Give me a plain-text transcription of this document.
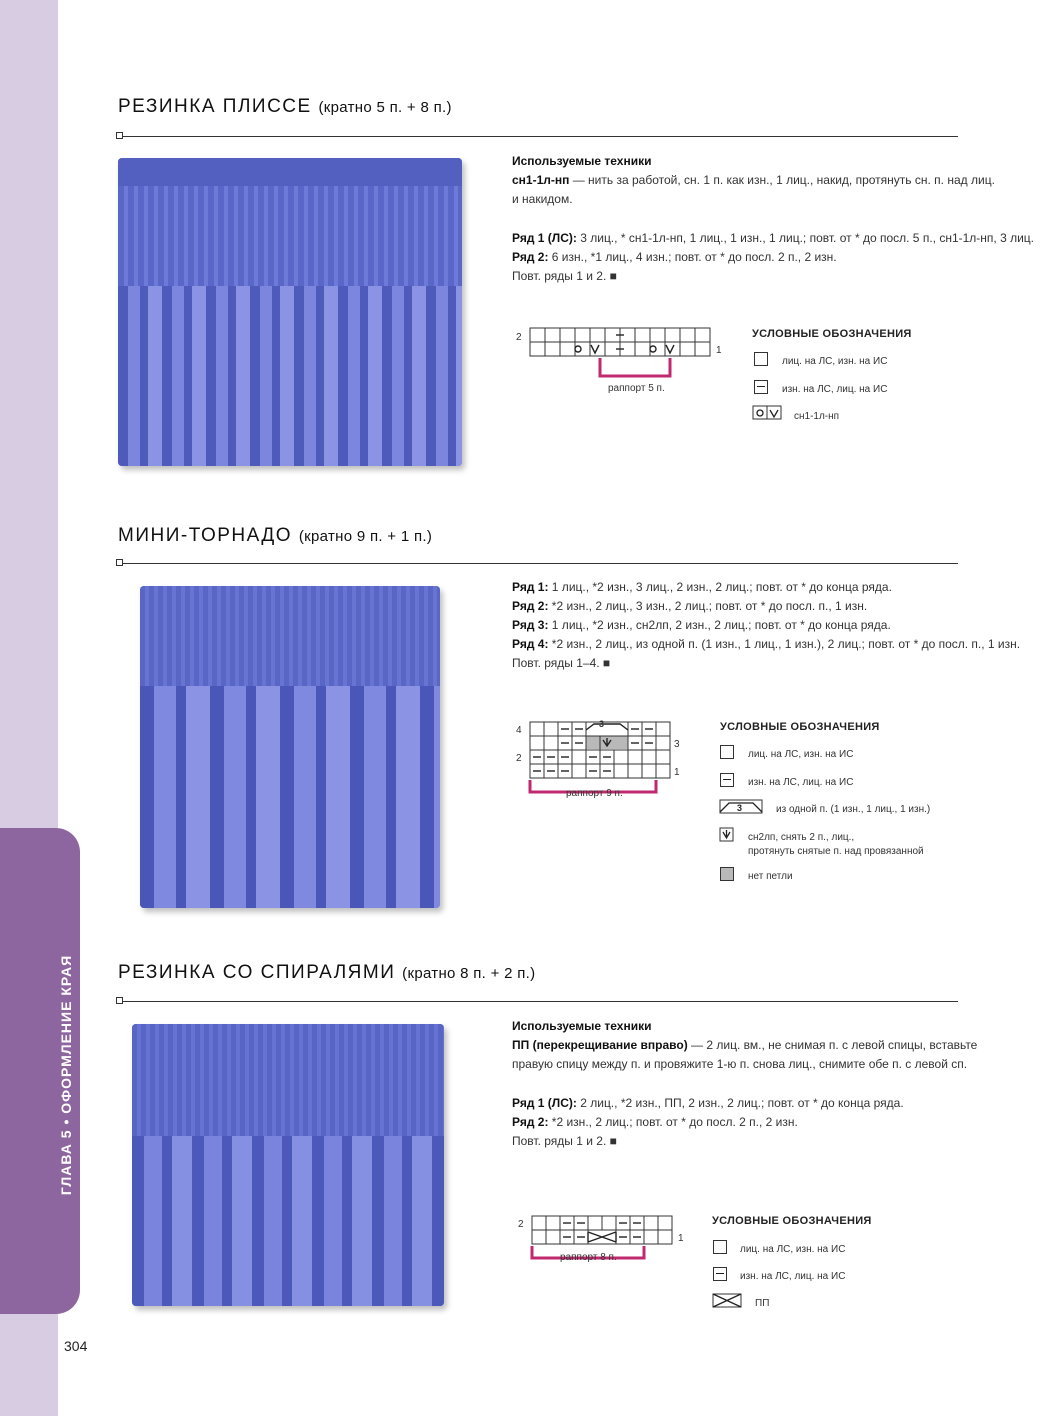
ГЛАВА 5 • ОФОРМЛЕНИЕ КРАЯ
304
РЕЗИНКА ПЛИССЕ (кратно 5 п. + 8 п.)
Используемые техники
сн1-1л-нп — нить за работой, сн. 1 п. как изн., 1 лиц., накид, протянуть сн. п. над лиц.
и накидом.
Ряд 1 (ЛС): 3 лиц., * сн1-1л-нп, 1 лиц., 1 изн., 1 лиц.; повт. от * до посл. 5 п., сн1-1л-нп, 3 лиц.
Ряд 2: 6 изн., *1 лиц., 4 изн.; повт. от * до посл. 2 п., 2 изн.
Повт. ряды 1 и 2. ■
2
1
раппорт 5 п.
УСЛОВНЫЕ ОБОЗНАЧЕНИЯ
лиц. на ЛС, изн. на ИС
изн. на ЛС, лиц. на ИС
сн1-1л-нп
МИНИ-ТОРНАДО (кратно 9 п. + 1 п.)
Ряд 1: 1 лиц., *2 изн., 3 лиц., 2 изн., 2 лиц.; повт. от * до конца ряда.
Ряд 2: *2 изн., 2 лиц., 3 изн., 2 лиц.; повт. от * до посл. п., 1 изн.
Ряд 3: 1 лиц., *2 изн., сн2лп, 2 изн., 2 лиц.; повт. от * до конца ряда.
Ряд 4: *2 изн., 2 лиц., из одной п. (1 изн., 1 лиц., 1 изн.), 2 лиц.; повт. от * до посл. п., 1 изн.
Повт. ряды 1–4. ■
3
4
2
3
1
раппорт 9 п.
УСЛОВНЫЕ ОБОЗНАЧЕНИЯ
лиц. на ЛС, изн. на ИС
изн. на ЛС, лиц. на ИС
3	из одной п. (1 изн., 1 лиц., 1 изн.)
сн2лп, снять 2 п., лиц.,
протянуть снятые п. над провязанной
нет петли
РЕЗИНКА СО СПИРАЛЯМИ (кратно 8 п. + 2 п.)
Используемые техники
ПП (перекрещивание вправо) — 2 лиц. вм., не снимая п. с левой спицы, вставьте
правую спицу между п. и провяжите 1-ю п. снова лиц., снимите обе п. с левой сп.
Ряд 1 (ЛС): 2 лиц., *2 изн., ПП, 2 изн., 2 лиц.; повт. от * до конца ряда.
Ряд 2: *2 изн., 2 лиц.; повт. от * до посл. 2 п., 2 изн.
Повт. ряды 1 и 2. ■
2
1
раппорт 8 п.
УСЛОВНЫЕ ОБОЗНАЧЕНИЯ
лиц. на ЛС, изн. на ИС
изн. на ЛС, лиц. на ИС
ПП
